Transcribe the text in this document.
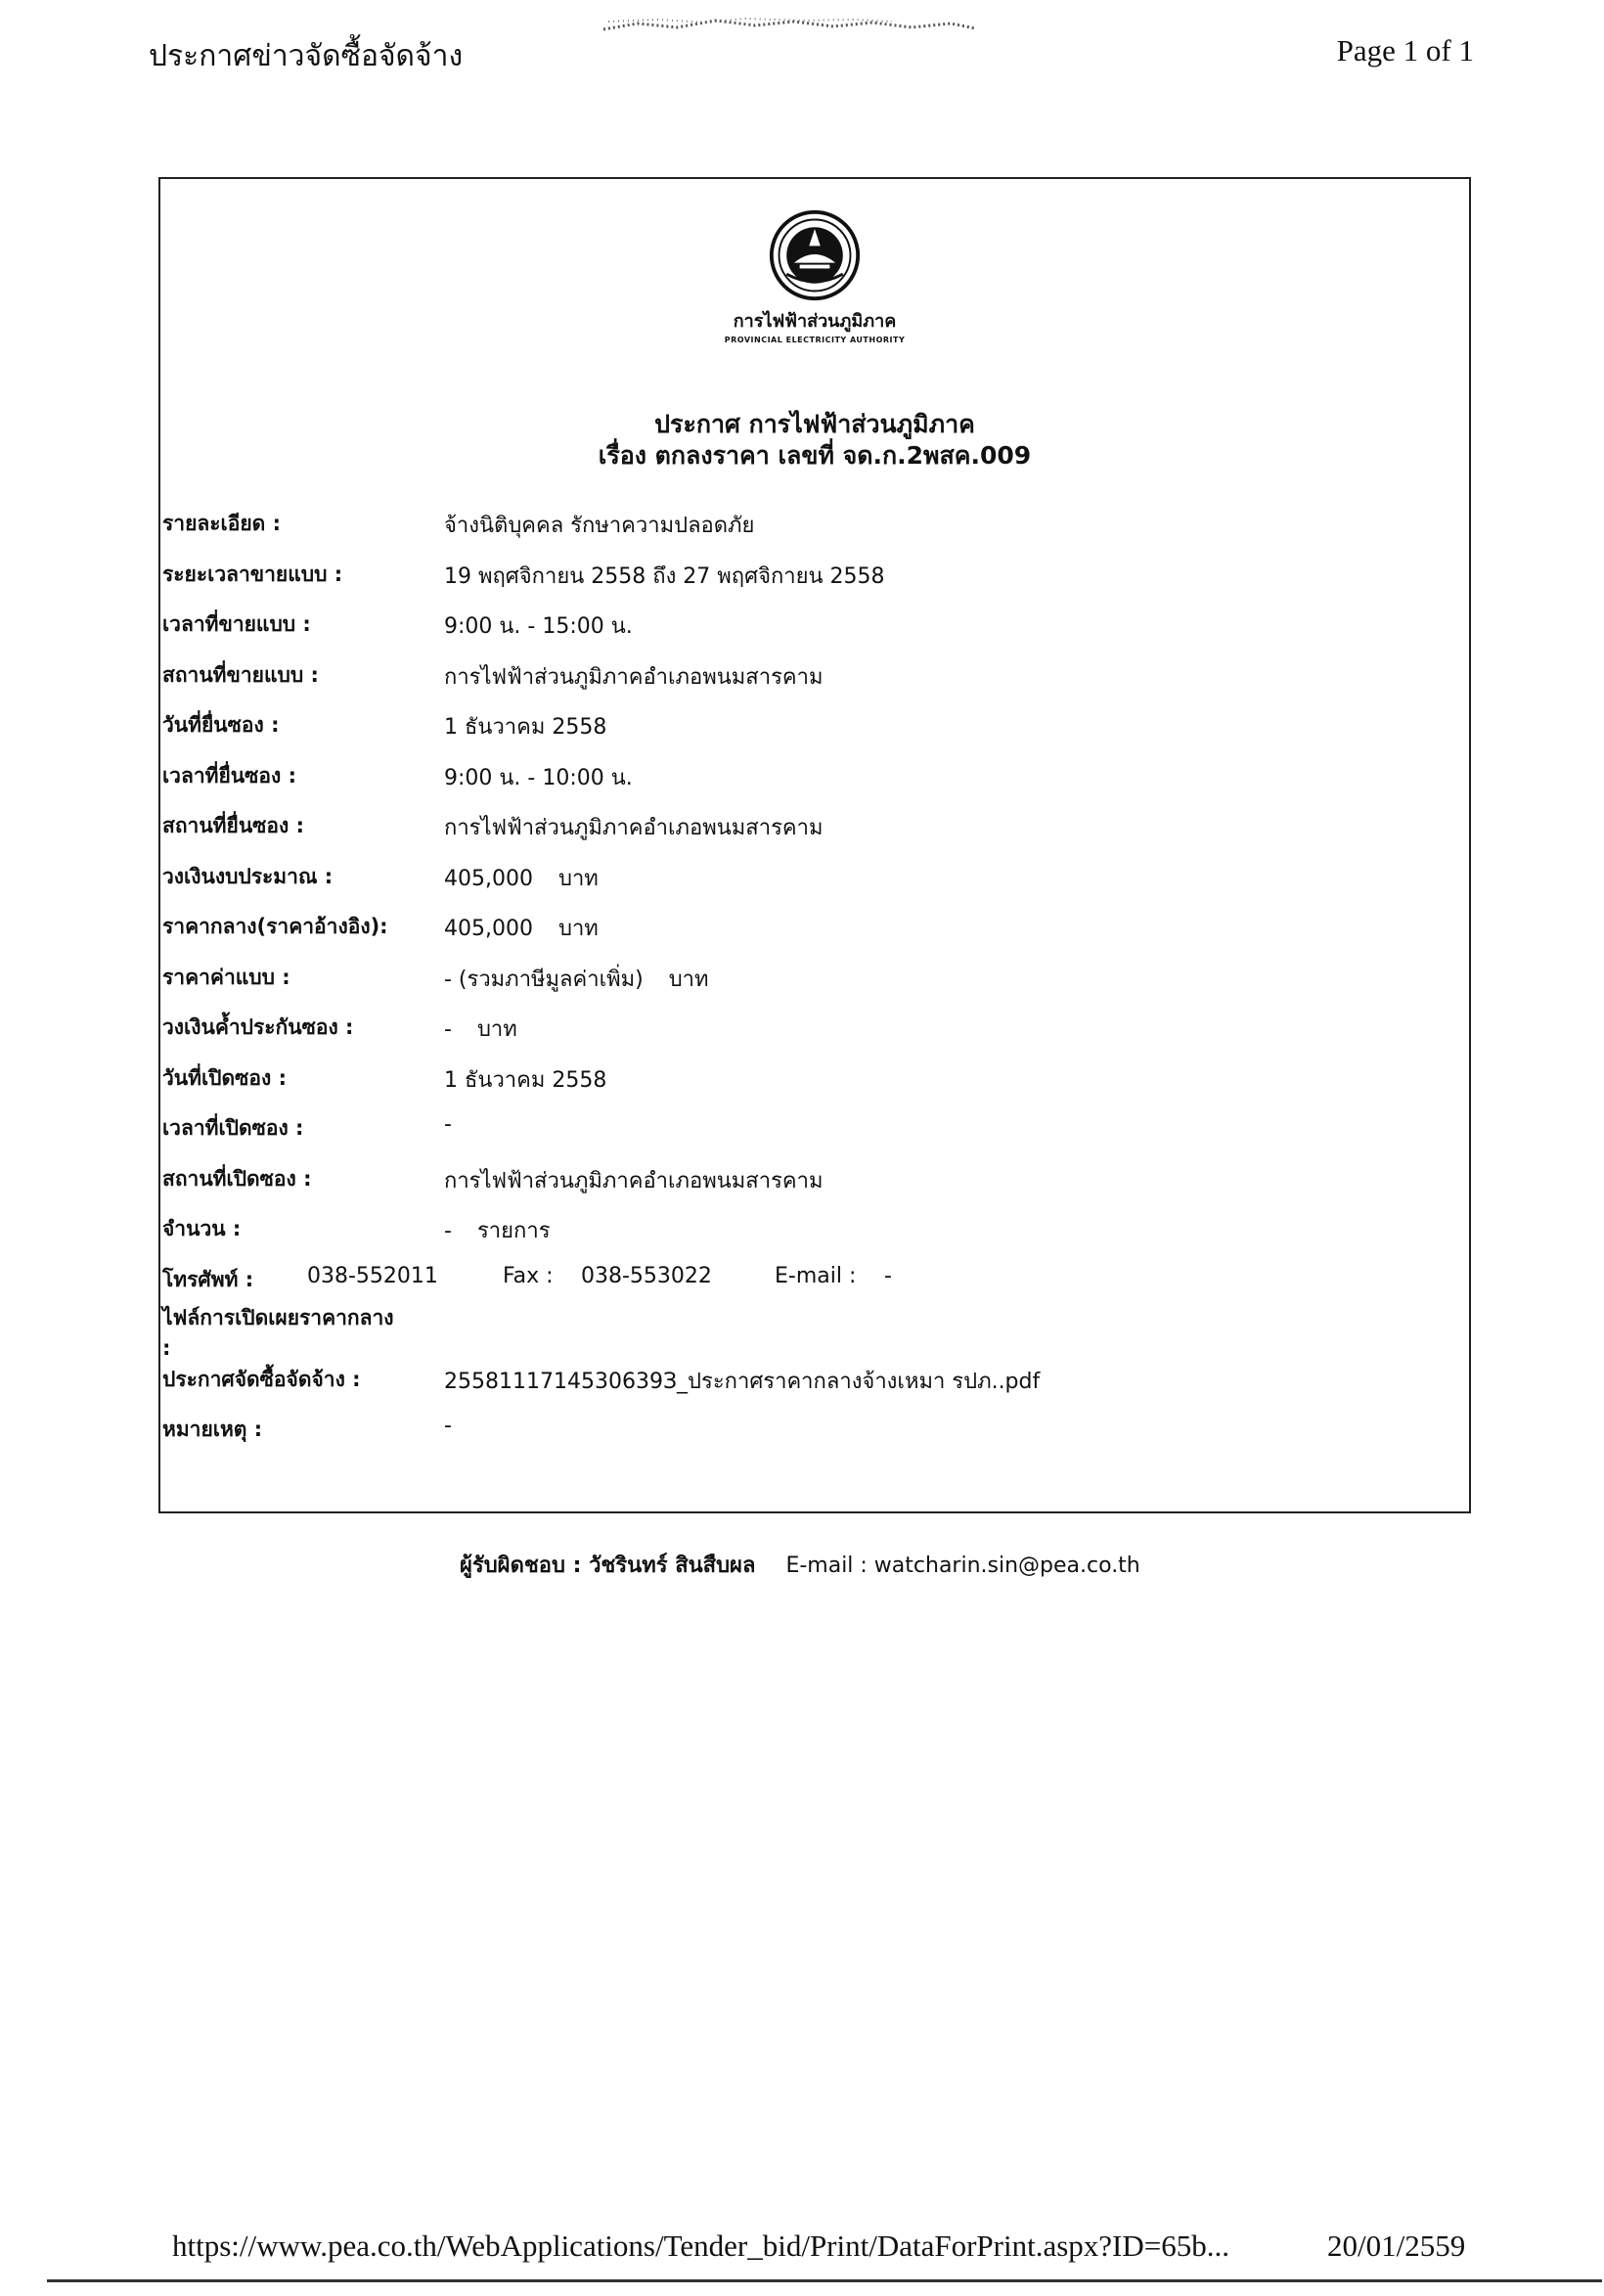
ประกาศข่าวจัดซื้อจัดจ้าง	Page 1 of 1
การไฟฟ้าส่วนภูมิภาค
PROVINCIAL ELECTRICITY AUTHORITY
ประกาศ การไฟฟ้าส่วนภูมิภาค
เรื่อง ตกลงราคา เลขที่ จด.ก.2พสค.009
รายละเอียด :	จ้างนิติบุคคล รักษาความปลอดภัย
ระยะเวลาขายแบบ :	19 พฤศจิกายน 2558 ถึง 27 พฤศจิกายน 2558
เวลาที่ขายแบบ :	9:00 น. - 15:00 น.
สถานที่ขายแบบ :	การไฟฟ้าส่วนภูมิภาคอำเภอพนมสารคาม
วันที่ยื่นซอง :	1 ธันวาคม 2558
เวลาที่ยื่นซอง :	9:00 น. - 10:00 น.
สถานที่ยื่นซอง :	การไฟฟ้าส่วนภูมิภาคอำเภอพนมสารคาม
วงเงินงบประมาณ :	405,000 บาท
ราคากลาง(ราคาอ้างอิง):	405,000 บาท
ราคาค่าแบบ :	- (รวมภาษีมูลค่าเพิ่ม) บาท
วงเงินค้ำประกันซอง :	- บาท
วันที่เปิดซอง :	1 ธันวาคม 2558
เวลาที่เปิดซอง :	-
สถานที่เปิดซอง :	การไฟฟ้าส่วนภูมิภาคอำเภอพนมสารคาม
จำนวน :	- รายการ
โทรศัพท์ : 038-552011	Fax : 038-553022	E-mail : -
ไฟล์การเปิดเผยราคากลาง :
ประกาศจัดซื้อจัดจ้าง :	2558111714530639З_ประกาศราคากลางจ้างเหมา รปภ..pdf
หมายเหตุ :	-
ผู้รับผิดชอบ : วัชรินทร์ สินสืบผล E-mail : watcharin.sin@pea.co.th
https://www.pea.co.th/WebApplications/Tender_bid/Print/DataForPrint.aspx?ID=65b...	20/01/2559
